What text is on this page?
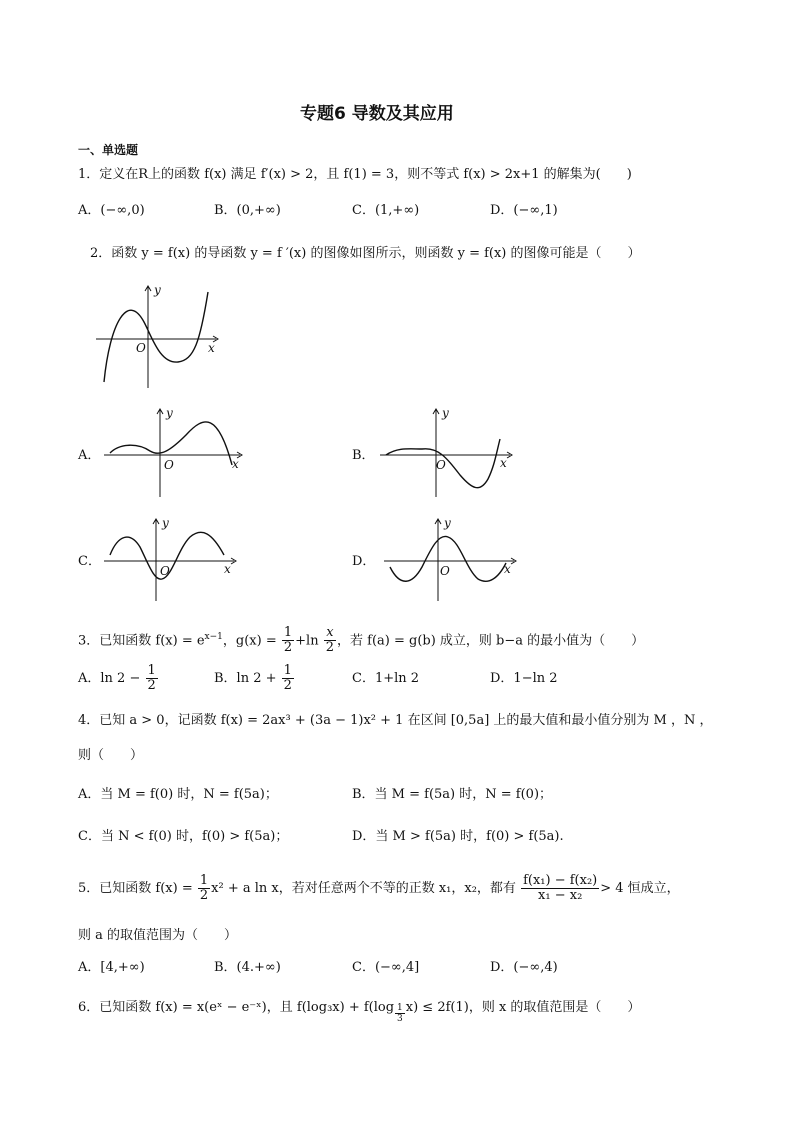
专题6 导数及其应用
一、单选题
1．定义在R上的函数 f(x) 满足 f′(x) > 2，且 f(1) = 3，则不等式 f(x) > 2x+1 的解集为(　　)
A．(−∞,0)	B．(0,+∞)	C．(1,+∞)	D．(−∞,1)
2．函数 y = f(x) 的导函数 y = f ′(x) 的图像如图所示，则函数 y = f(x) 的图像可能是（　　）
y
x
O
A．
y
x
O
B．
y
x
O
C．
y
x
O
D．
y
x
O
3．已知函数 $f(x) = e^{x-1}$，$g(x) = \frac{1}{2} +\ln \frac{x}{2}$ ，若 f(a) = g(b) 成立，则 b−a 的最小值为（　　）
A．$\ln 2 - \frac{1}{2}$	B．$\ln 2 + \frac{1}{2}$	C．1+ln 2	D．1−ln 2
4．已知 a > 0，记函数 f(x) = 2ax³ + (3a − 1)x² + 1 在区间 [0,5a] 上的最大值和最小值分别为 M ，N ，
则（　　）
A．当 M = f(0) 时，N = f(5a)；	B．当 M = f(5a) 时，N = f(0)；
C．当 N < f(0) 时，f(0) > f(5a)；	D．当 M > f(5a) 时，f(0) > f(5a).
5．已知函数 $f(x) = \frac{1}{2} x^2 + a$ ln x，若对任意两个不等的正数 x₁，x₂，都有 $\frac{\text{f(x₁) − f(x₂)}}{\text{x₁ − x₂}} > 4$ 恒成立，
则 a 的取值范围为（　　）
A．[4,+∞)	B．(4.+∞)	C．(−∞,4]	D．(−∞,4)
6．已知函数 f(x) = x(eˣ − e⁻ˣ)，且 $f(\log_3x) + f(\log \frac{1}{3} x) \le 2f(1)$，则 x 的取值范围是（　　）
